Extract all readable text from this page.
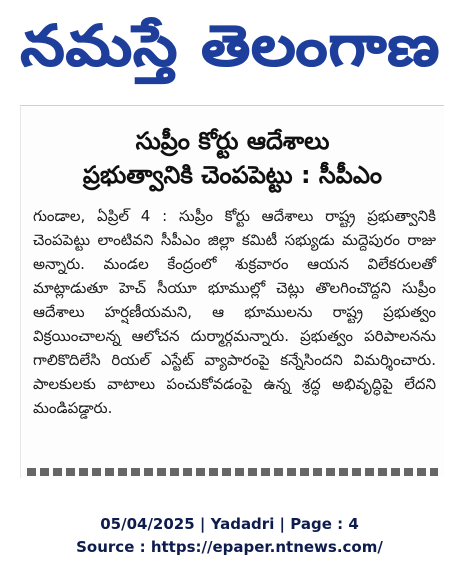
నమస్తే తెలంగాణ

సుప్రీం కోర్టు ఆదేశాలు

ప్రభుత్వానికి చెంపపెట్టు : సీపీఎం

గుండాల, ఏప్రిల్ 4 : సుప్రీం కోర్టు ఆదేశాలు రాష్ట్ర ప్రభుత్వానికి చెంపపెట్టు లాంటివని సీపీఎం జిల్లా కమిటీ సభ్యుడు మద్దెపురం రాజు అన్నారు. మండల కేంద్రంలో శుక్రవారం ఆయన విలేకరులతో మాట్లాడుతూ హెచ్ సీయూ భూముల్లో చెట్లు తొలగించొద్దని సుప్రీం ఆదేశాలు హర్షణీయమని, ఆ భూములను రాష్ట్ర ప్రభుత్వం విక్రయించాలన్న ఆలోచన దుర్మార్గమన్నారు. ప్రభుత్వం పరిపాలనను గాలికొదిలేసి రియల్ ఎస్టేట్ వ్యాపారంపై కన్నేసిందని విమర్శించారు. పాలకులకు వాటాలు పంచుకోవడంపై ఉన్న శ్రద్ధ అభివృద్ధిపై లేదని మండిపడ్డారు.

05/04/2025 | Yadadri | Page : 4
Source : https://epaper.ntnews.com/
